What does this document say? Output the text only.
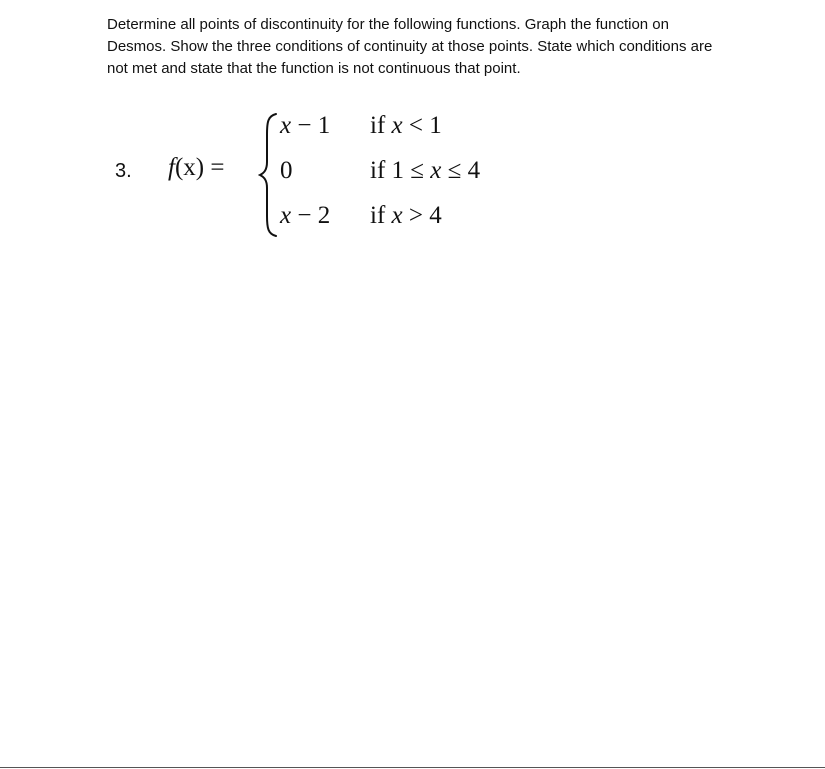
Determine all points of discontinuity for the following functions. Graph the function on
Desmos. Show the three conditions of continuity at those points. State which conditions are
not met and state that the function is not continuous that point.
3. f(x) =
x − 1 if x < 1
0	if 1 ≤ x ≤ 4
x − 2 if x > 4
